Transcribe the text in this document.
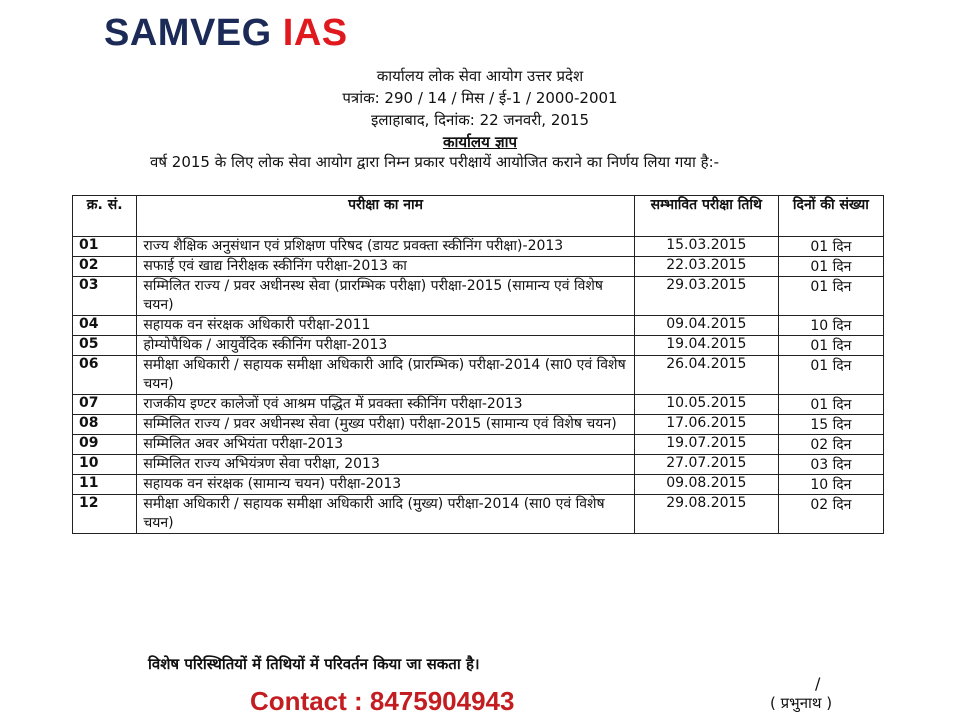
SAMVEG IAS
कार्यालय लोक सेवा आयोग उत्तर प्रदेश
पत्रांक: 290 / 14 / मिस / ई-1 / 2000-2001
इलाहाबाद, दिनांक: 22 जनवरी, 2015
कार्यालय ज्ञाप
वर्ष 2015 के लिए लोक सेवा आयोग द्वारा निम्न प्रकार परीक्षायें आयोजित कराने का निर्णय लिया गया है:-
क्र. सं.	परीक्षा का नाम	सम्भावित परीक्षा तिथि	दिनों की संख्या
01	राज्य शैक्षिक अनुसंधान एवं प्रशिक्षण परिषद (डायट प्रवक्ता स्कीनिंग परीक्षा)-2013	15.03.2015	01 दिन
02	सफाई एवं खाद्य निरीक्षक स्कीनिंग परीक्षा-2013 का	22.03.2015	01 दिन
03	सम्मिलित राज्य / प्रवर अधीनस्थ सेवा (प्रारम्भिक परीक्षा) परीक्षा-2015 (सामान्य एवं विशेष चयन)	29.03.2015	01 दिन
04	सहायक वन संरक्षक अधिकारी परीक्षा-2011	09.04.2015	10 दिन
05	होम्योपैथिक / आयुर्वेदिक स्कीनिंग परीक्षा-2013	19.04.2015	01 दिन
06	समीक्षा अधिकारी / सहायक समीक्षा अधिकारी आदि (प्रारम्भिक) परीक्षा-2014 (सा0 एवं विशेष चयन)	26.04.2015	01 दिन
07	राजकीय इण्टर कालेजों एवं आश्रम पद्धित में प्रवक्ता स्कीनिंग परीक्षा-2013	10.05.2015	01 दिन
08	सम्मिलित राज्य / प्रवर अधीनस्थ सेवा (मुख्य परीक्षा) परीक्षा-2015 (सामान्य एवं विशेष चयन)	17.06.2015	15 दिन
09	सम्मिलित अवर अभियंता परीक्षा-2013	19.07.2015	02 दिन
10	सम्मिलित राज्य अभियंत्रण सेवा परीक्षा, 2013	27.07.2015	03 दिन
11	सहायक वन संरक्षक (सामान्य चयन) परीक्षा-2013	09.08.2015	10 दिन
12	समीक्षा अधिकारी / सहायक समीक्षा अधिकारी आदि (मुख्य) परीक्षा-2014 (सा0 एवं विशेष चयन)	29.08.2015	02 दिन
विशेष परिस्थितियों में तिथियों में परिवर्तन किया जा सकता है।
Contact : 8475904943
/
( प्रभुनाथ )
